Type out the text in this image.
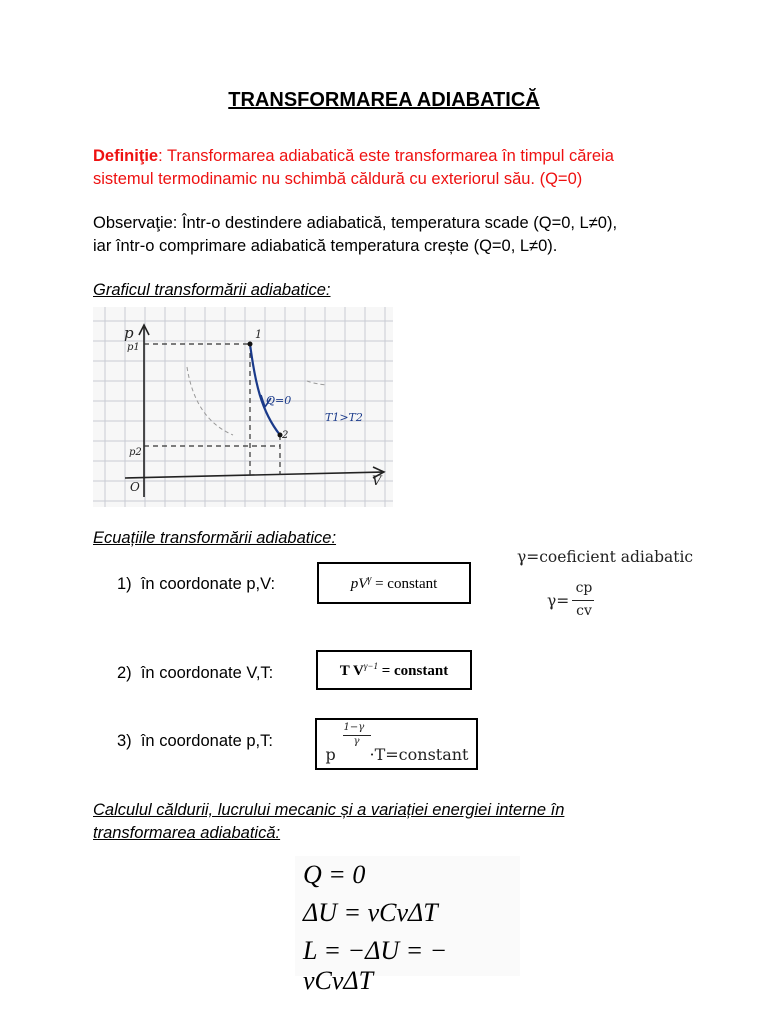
TRANSFORMAREA ADIABATICĂ
Definiţie: Transformarea adiabatică este transformarea în timpul căreia
sistemul termodinamic nu schimbă căldură cu exteriorul său. (Q=0)
Observaţie: Într-o destindere adiabatică, temperatura scade (Q=0, L≠0),
iar într-o comprimare adiabatică temperatura crește (Q=0, L≠0).
Graficul transformării adiabatice:
p
p1
p2
V
O
1
2
Q=0
T1>T2
Ecuațiile transformării adiabatice:
1) în coordonate p,V:	$pV^\gamma$ = constant
2) în coordonate V,T:	T $V^{\gamma-1}$ = constant
3) în coordonate p,T:
p
1−γ
γ
·T=constant
γ=coeficient adiabatic
γ=
cp
cv
Calculul căldurii, lucrului mecanic și a variației energiei interne în
transformarea adiabatică:
Q = 0
ΔU = νCvΔT
L = −ΔU = − νCvΔT
